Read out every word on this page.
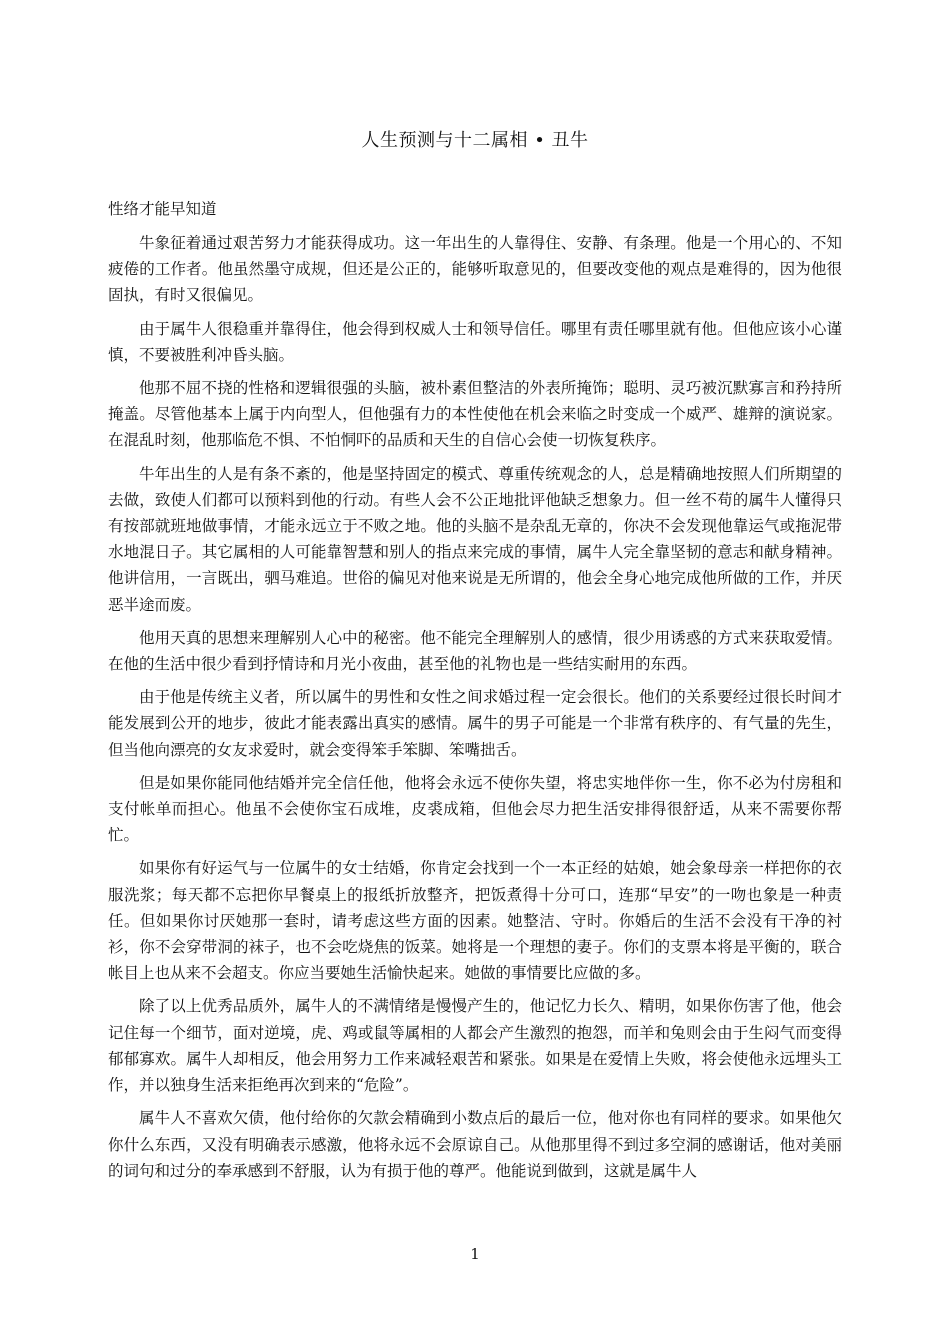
人生预测与十二属相 • 丑牛
性络才能早知道

牛象征着通过艰苦努力才能获得成功。这一年出生的人靠得住、安静、有条理。他是一个用心的、不知疲倦的工作者。他虽然墨守成规，但还是公正的，能够听取意见的，但要改变他的观点是难得的，因为他很固执，有时又很偏见。

由于属牛人很稳重并靠得住，他会得到权威人士和领导信任。哪里有责任哪里就有他。但他应该小心谨慎，不要被胜利冲昏头脑。

他那不屈不挠的性格和逻辑很强的头脑，被朴素但整洁的外表所掩饰；聪明、灵巧被沉默寡言和矜持所掩盖。尽管他基本上属于内向型人，但他强有力的本性使他在机会来临之时变成一个威严、雄辩的演说家。在混乱时刻，他那临危不惧、不怕恫吓的品质和天生的自信心会使一切恢复秩序。

牛年出生的人是有条不紊的，他是坚持固定的模式、尊重传统观念的人，总是精确地按照人们所期望的去做，致使人们都可以预料到他的行动。有些人会不公正地批评他缺乏想象力。但一丝不苟的属牛人懂得只有按部就班地做事情，才能永远立于不败之地。他的头脑不是杂乱无章的，你决不会发现他靠运气或拖泥带水地混日子。其它属相的人可能靠智慧和别人的指点来完成的事情，属牛人完全靠坚韧的意志和献身精神。他讲信用，一言既出，驷马难追。世俗的偏见对他来说是无所谓的，他会全身心地完成他所做的工作，并厌恶半途而废。

他用天真的思想来理解别人心中的秘密。他不能完全理解别人的感情，很少用诱惑的方式来获取爱情。在他的生活中很少看到抒情诗和月光小夜曲，甚至他的礼物也是一些结实耐用的东西。

由于他是传统主义者，所以属牛的男性和女性之间求婚过程一定会很长。他们的关系要经过很长时间才能发展到公开的地步，彼此才能表露出真实的感情。属牛的男子可能是一个非常有秩序的、有气量的先生，但当他向漂亮的女友求爱时，就会变得笨手笨脚、笨嘴拙舌。

但是如果你能同他结婚并完全信任他，他将会永远不使你失望，将忠实地伴你一生，你不必为付房租和支付帐单而担心。他虽不会使你宝石成堆，皮裘成箱，但他会尽力把生活安排得很舒适，从来不需要你帮忙。

如果你有好运气与一位属牛的女士结婚，你肯定会找到一个一本正经的姑娘，她会象母亲一样把你的衣服洗浆；每天都不忘把你早餐桌上的报纸折放整齐，把饭煮得十分可口，连那“早安”的一吻也象是一种责任。但如果你讨厌她那一套时，请考虑这些方面的因素。她整洁、守时。你婚后的生活不会没有干净的衬衫，你不会穿带洞的袜子，也不会吃烧焦的饭菜。她将是一个理想的妻子。你们的支票本将是平衡的，联合帐目上也从来不会超支。你应当要她生活愉快起来。她做的事情要比应做的多。

除了以上优秀品质外，属牛人的不满情绪是慢慢产生的，他记忆力长久、精明，如果你伤害了他，他会记住每一个细节，面对逆境，虎、鸡或鼠等属相的人都会产生激烈的抱怨，而羊和兔则会由于生闷气而变得郁郁寡欢。属牛人却相反，他会用努力工作来减轻艰苦和紧张。如果是在爱情上失败，将会使他永远埋头工作，并以独身生活来拒绝再次到来的“危险”。

属牛人不喜欢欠债，他付给你的欠款会精确到小数点后的最后一位，他对你也有同样的要求。如果他欠你什么东西，又没有明确表示感激，他将永远不会原谅自己。从他那里得不到过多空洞的感谢话，他对美丽的词句和过分的奉承感到不舒服，认为有损于他的尊严。他能说到做到，这就是属牛人

1
